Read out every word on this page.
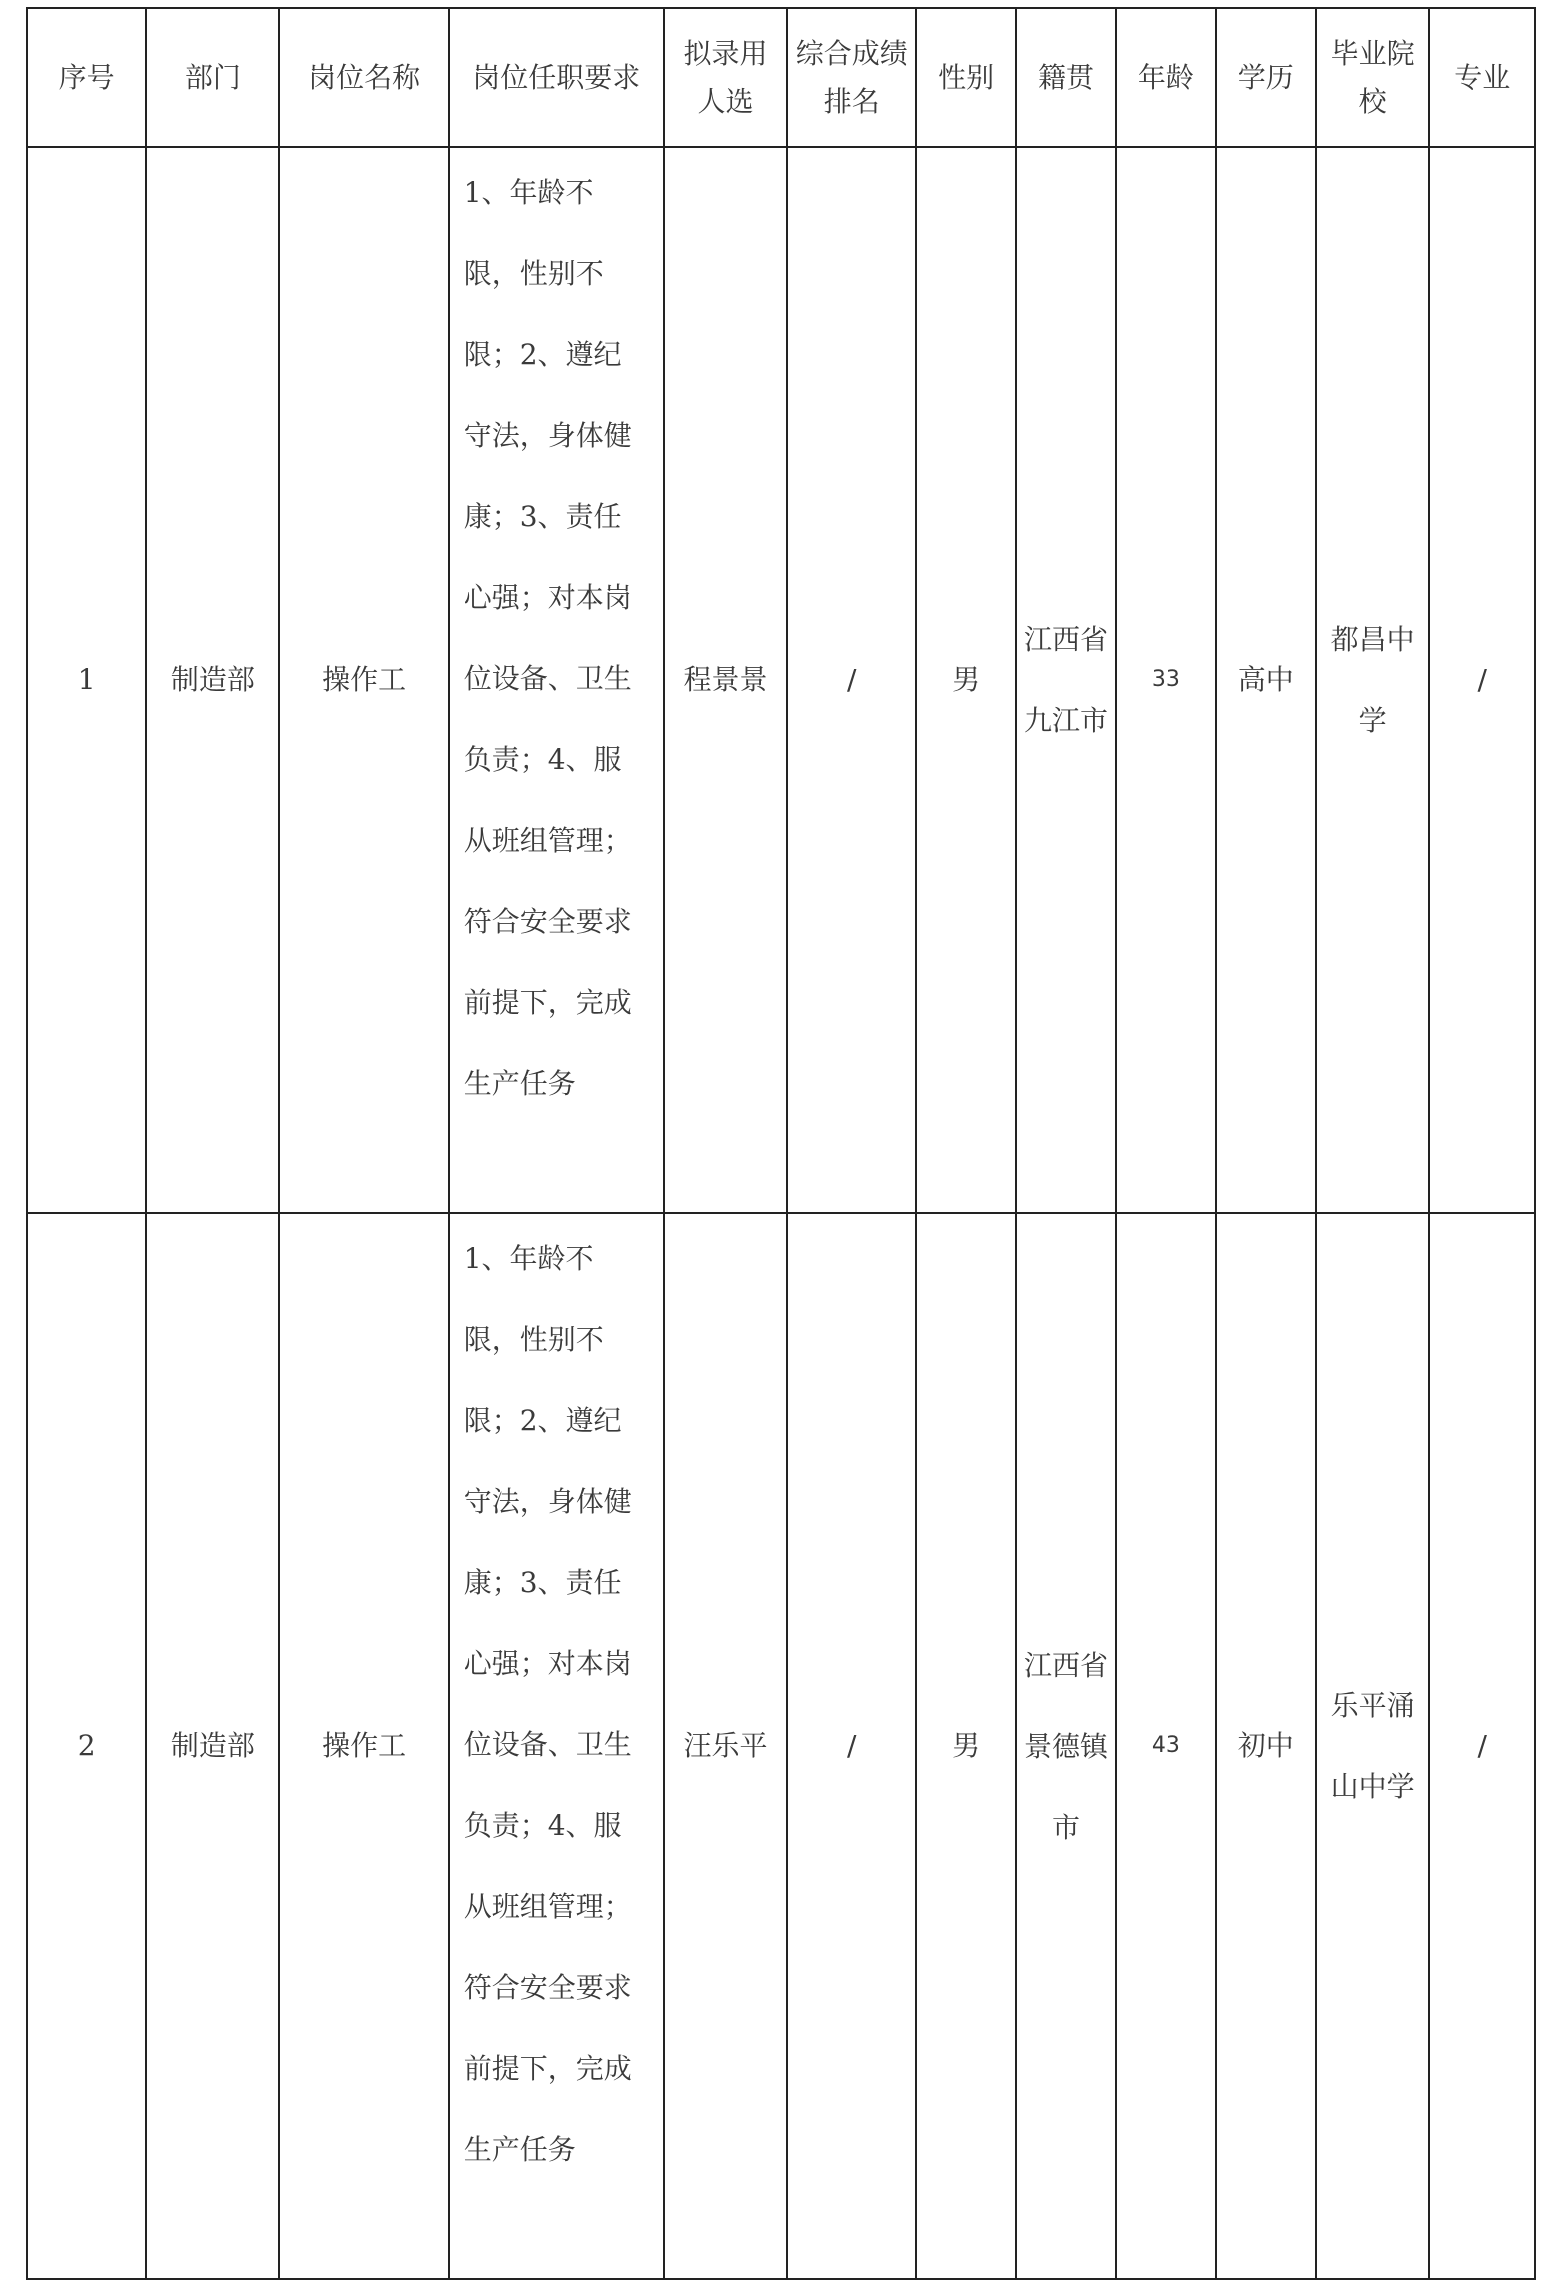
序号	部门	岗位名称	岗位任职要求	拟录用人选	综合成绩排名	性别	籍贯	年龄	学历	毕业院校	专业
1	制造部	操作工	1、年龄不限，性别不限；2、遵纪守法，身体健康；3、责任心强；对本岗位设备、卫生负责；4、服从班组管理；符合安全要求前提下，完成生产任务	程景景	/	男	江西省九江市	33	高中	都昌中学	/
2	制造部	操作工	1、年龄不限，性别不限；2、遵纪守法，身体健康；3、责任心强；对本岗位设备、卫生负责；4、服从班组管理；符合安全要求前提下，完成生产任务	汪乐平	/	男	江西省景德镇市	43	初中	乐平涌山中学	/
